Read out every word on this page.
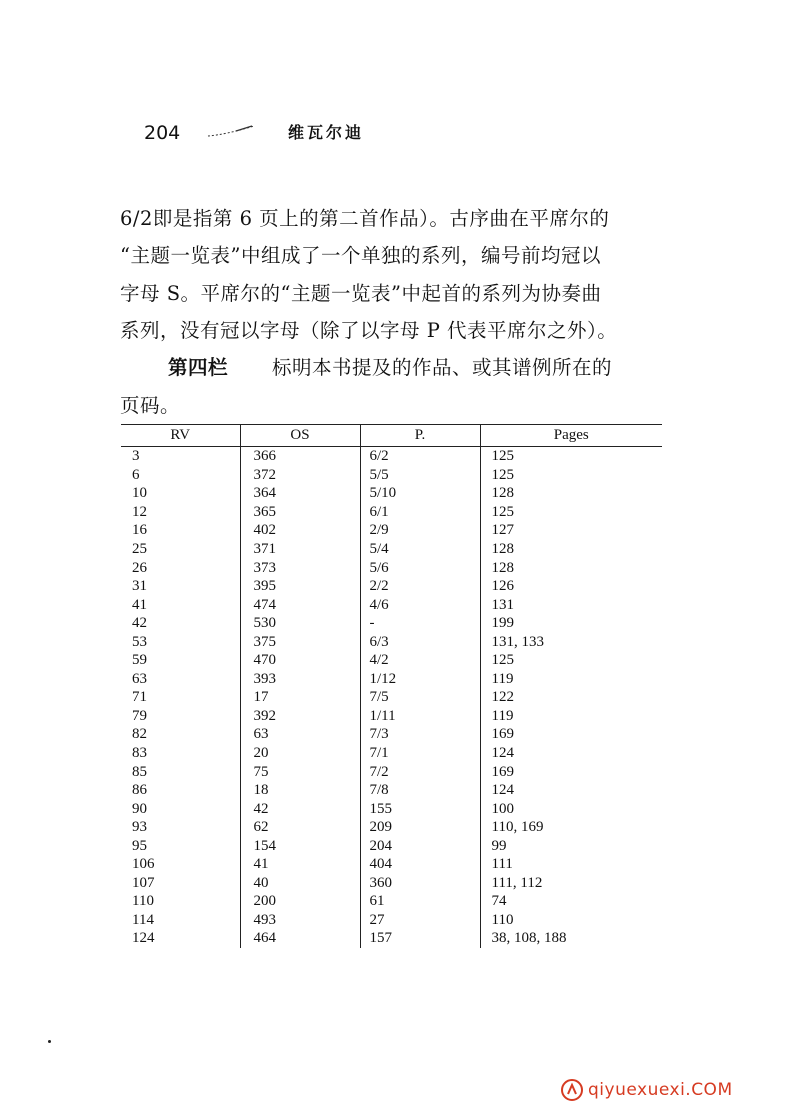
204	维瓦尔迪
6/2即是指第 6 页上的第二首作品）。古序曲在平席尔的
“主题一览表”中组成了一个单独的系列，编号前均冠以
字母 S。平席尔的“主题一览表”中起首的系列为协奏曲
系列，没有冠以字母（除了以字母 P 代表平席尔之外）。
第四栏 标明本书提及的作品、或其谱例所在的
页码。
RV	OS	P.	Pages
3	366	6/2	125
6	372	5/5	125
10	364	5/10	128
12	365	6/1	125
16	402	2/9	127
25	371	5/4	128
26	373	5/6	128
31	395	2/2	126
41	474	4/6	131
42	530	-	199
53	375	6/3	131, 133
59	470	4/2	125
63	393	1/12	119
71	17	7/5	122
79	392	1/11	119
82	63	7/3	169
83	20	7/1	124
85	75	7/2	169
86	18	7/8	124
90	42	155	100
93	62	209	110, 169
95	154	204	99
106	41	404	111
107	40	360	111, 112
110	200	61	74
114	493	27	110
124	464	157	38, 108, 188
qiyuexuexi.COM
